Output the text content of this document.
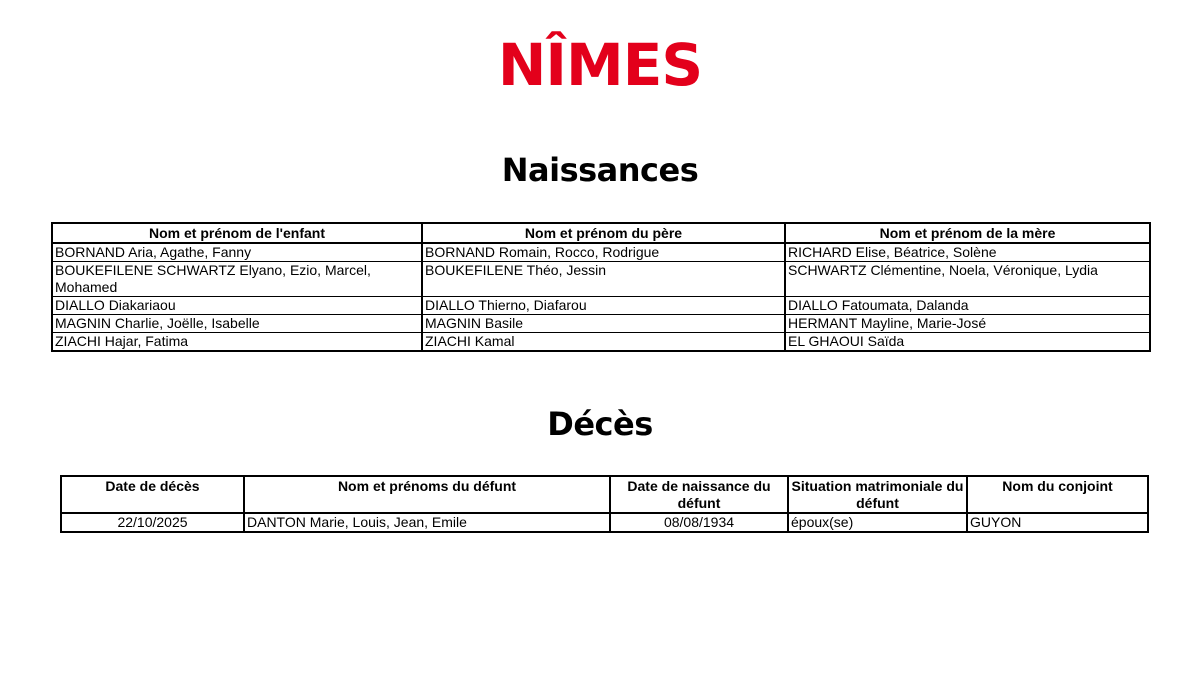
NÎMES
Naissances
Nom et prénom de l'enfant	Nom et prénom du père	Nom et prénom de la mère
BORNAND Aria, Agathe, Fanny	BORNAND Romain, Rocco, Rodrigue	RICHARD Elise, Béatrice, Solène
BOUKEFILENE SCHWARTZ Elyano, Ezio, Marcel, Mohamed	BOUKEFILENE Théo, Jessin	SCHWARTZ Clémentine, Noela, Véronique, Lydia
DIALLO Diakariaou	DIALLO Thierno, Diafarou	DIALLO Fatoumata, Dalanda
MAGNIN Charlie, Joëlle, Isabelle	MAGNIN Basile	HERMANT Mayline, Marie-José
ZIACHI Hajar, Fatima	ZIACHI Kamal	EL GHAOUI Saïda
Décès
Date de décès	Nom et prénoms du défunt	Date de naissance du défunt	Situation matrimoniale du défunt	Nom du conjoint
22/10/2025	DANTON Marie, Louis, Jean, Emile	08/08/1934	époux(se)	GUYON
